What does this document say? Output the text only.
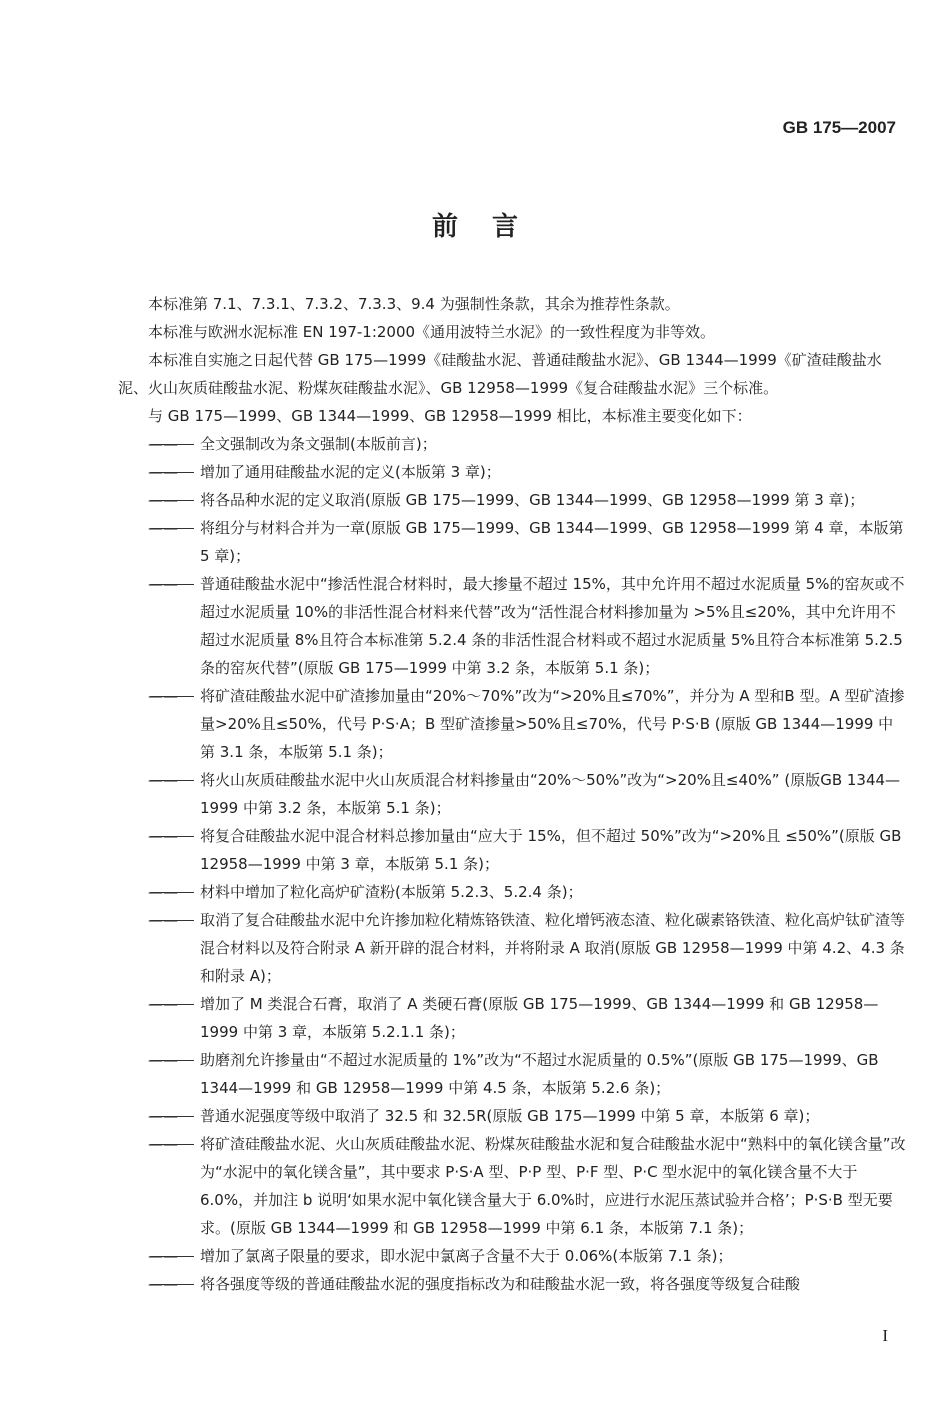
GB 175—2007
前言

本标准第 7.1、7.3.1、7.3.2、7.3.3、9.4 为强制性条款，其余为推荐性条款。

本标准与欧洲水泥标准 EN 197-1:2000《通用波特兰水泥》的一致性程度为非等效。

本标准自实施之日起代替 GB 175—1999《硅酸盐水泥、普通硅酸盐水泥》、GB 1344—1999《矿渣硅酸盐水泥、火山灰质硅酸盐水泥、粉煤灰硅酸盐水泥》、GB 12958—1999《复合硅酸盐水泥》三个标准。

与 GB 175—1999、GB 1344—1999、GB 12958—1999 相比，本标准主要变化如下：

——	全文强制改为条文强制(本版前言)；
——	增加了通用硅酸盐水泥的定义(本版第 3 章)；
——	将各品种水泥的定义取消(原版 GB 175—1999、GB 1344—1999、GB 12958—1999 第 3 章)；
——	将组分与材料合并为一章(原版 GB 175—1999、GB 1344—1999、GB 12958—1999 第 4 章，本版第 5 章)；
——	普通硅酸盐水泥中“掺活性混合材料时，最大掺量不超过 15%，其中允许用不超过水泥质量 5%的窑灰或不超过水泥质量 10%的非活性混合材料来代替”改为“活性混合材料掺加量为 >5%且≤20%，其中允许用不超过水泥质量 8%且符合本标准第 5.2.4 条的非活性混合材料或不超过水泥质量 5%且符合本标准第 5.2.5 条的窑灰代替”(原版 GB 175—1999 中第 3.2 条，本版第 5.1 条)；
——	将矿渣硅酸盐水泥中矿渣掺加量由“20%～70%”改为“>20%且≤70%”，并分为 A 型和B 型。A 型矿渣掺量>20%且≤50%，代号 P·S·A；B 型矿渣掺量>50%且≤70%，代号 P·S·B (原版 GB 1344—1999 中第 3.1 条，本版第 5.1 条)；
——	将火山灰质硅酸盐水泥中火山灰质混合材料掺量由“20%～50%”改为“>20%且≤40%” (原版GB 1344—1999 中第 3.2 条，本版第 5.1 条)；
——	将复合硅酸盐水泥中混合材料总掺加量由“应大于 15%，但不超过 50%”改为“>20%且 ≤50%”(原版 GB 12958—1999 中第 3 章，本版第 5.1 条)；
——	材料中增加了粒化高炉矿渣粉(本版第 5.2.3、5.2.4 条)；
——	取消了复合硅酸盐水泥中允许掺加粒化精炼铬铁渣、粒化增钙液态渣、粒化碳素铬铁渣、粒化高炉钛矿渣等混合材料以及符合附录 A 新开辟的混合材料，并将附录 A 取消(原版 GB 12958—1999 中第 4.2、4.3 条和附录 A)；
——	增加了 M 类混合石膏，取消了 A 类硬石膏(原版 GB 175—1999、GB 1344—1999 和 GB 12958—1999 中第 3 章，本版第 5.2.1.1 条)；
——	助磨剂允许掺量由“不超过水泥质量的 1%”改为“不超过水泥质量的 0.5%”(原版 GB 175—1999、GB 1344—1999 和 GB 12958—1999 中第 4.5 条，本版第 5.2.6 条)；
——	普通水泥强度等级中取消了 32.5 和 32.5R(原版 GB 175—1999 中第 5 章，本版第 6 章)；
——	将矿渣硅酸盐水泥、火山灰质硅酸盐水泥、粉煤灰硅酸盐水泥和复合硅酸盐水泥中“熟料中的氧化镁含量”改为“水泥中的氧化镁含量”，其中要求 P·S·A 型、P·P 型、P·F 型、P·C 型水泥中的氧化镁含量不大于 6.0%，并加注 b 说明‘如果水泥中氧化镁含量大于 6.0%时，应进行水泥压蒸试验并合格’；P·S·B 型无要求。(原版 GB 1344—1999 和 GB 12958—1999 中第 6.1 条，本版第 7.1 条)；
——	增加了氯离子限量的要求，即水泥中氯离子含量不大于 0.06%(本版第 7.1 条)；
——	将各强度等级的普通硅酸盐水泥的强度指标改为和硅酸盐水泥一致，将各强度等级复合硅酸
I
